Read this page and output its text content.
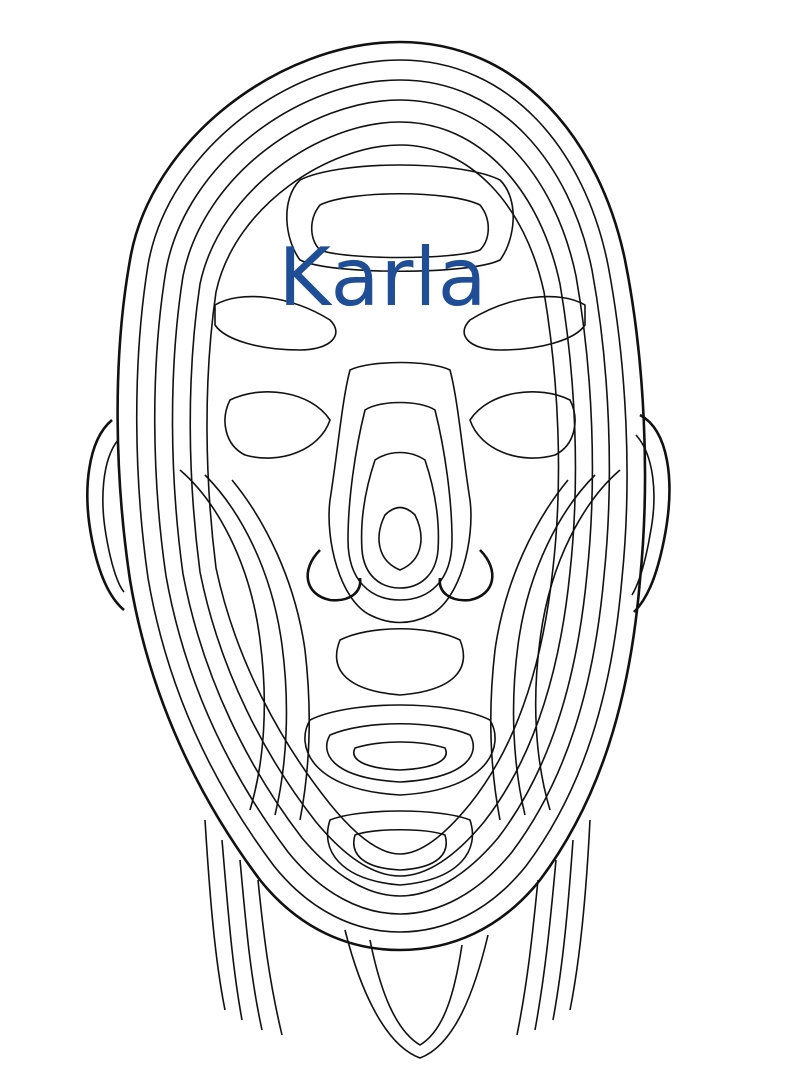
Karla
